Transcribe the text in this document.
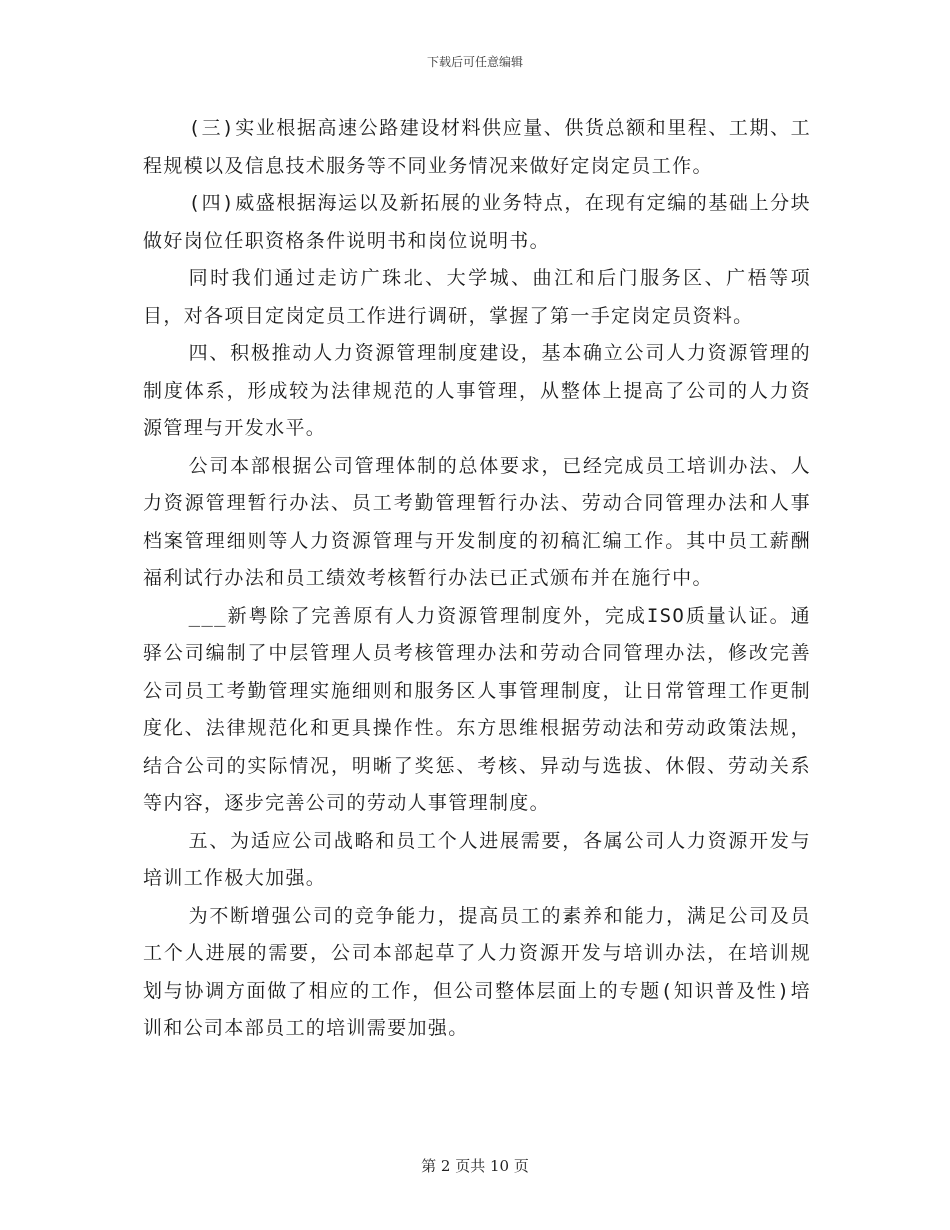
下载后可任意编辑

(三)实业根据高速公路建设材料供应量、供货总额和里程、工期、工程规模以及信息技术服务等不同业务情况来做好定岗定员工作。

(四)威盛根据海运以及新拓展的业务特点，在现有定编的基础上分块做好岗位任职资格条件说明书和岗位说明书。

同时我们通过走访广珠北、大学城、曲江和后门服务区、广梧等项目，对各项目定岗定员工作进行调研，掌握了第一手定岗定员资料。

四、积极推动人力资源管理制度建设，基本确立公司人力资源管理的制度体系，形成较为法律规范的人事管理，从整体上提高了公司的人力资源管理与开发水平。

公司本部根据公司管理体制的总体要求，已经完成员工培训办法、人力资源管理暂行办法、员工考勤管理暂行办法、劳动合同管理办法和人事档案管理细则等人力资源管理与开发制度的初稿汇编工作。其中员工薪酬福利试行办法和员工绩效考核暂行办法已正式颁布并在施行中。

___新粤除了完善原有人力资源管理制度外，完成ISO质量认证。通驿公司编制了中层管理人员考核管理办法和劳动合同管理办法，修改完善公司员工考勤管理实施细则和服务区人事管理制度，让日常管理工作更制度化、法律规范化和更具操作性。东方思维根据劳动法和劳动政策法规，结合公司的实际情况，明晰了奖惩、考核、异动与选拔、休假、劳动关系等内容，逐步完善公司的劳动人事管理制度。

五、为适应公司战略和员工个人进展需要，各属公司人力资源开发与培训工作极大加强。

为不断增强公司的竞争能力，提高员工的素养和能力，满足公司及员工个人进展的需要，公司本部起草了人力资源开发与培训办法，在培训规划与协调方面做了相应的工作，但公司整体层面上的专题(知识普及性)培训和公司本部员工的培训需要加强。

第 2 页共 10 页
